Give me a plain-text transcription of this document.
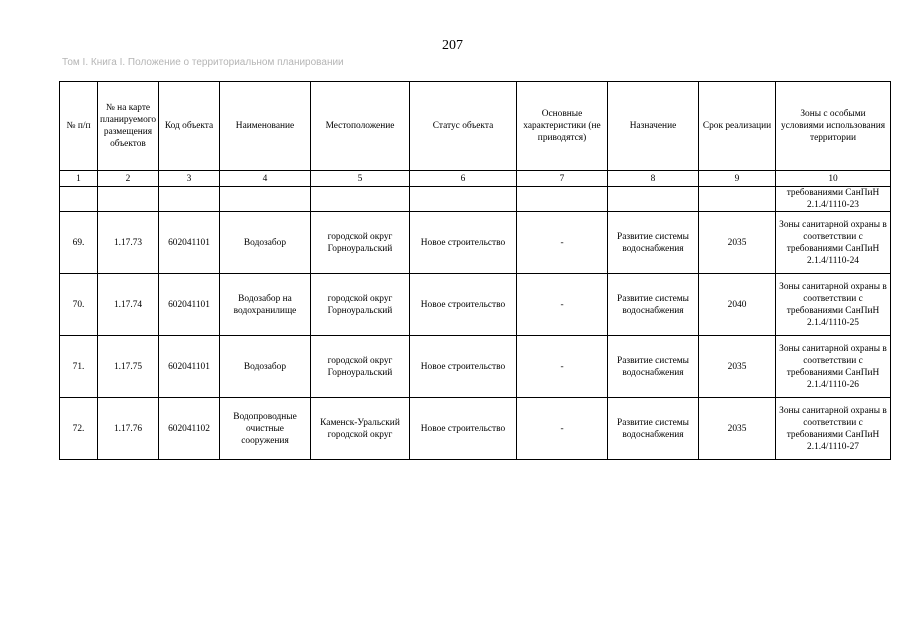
207
Том I. Книга I. Положение о территориальном планировании
№ п/п	№ на карте планируемого размещения объектов	Код объекта	Наименование	Местоположение	Статус объекта	Основные характеристики (не приводятся)	Назначение	Срок реализации	Зоны с особыми условиями использования территории
1	2	3	4	5	6	7	8	9	10
									требованиями СанПиН 2.1.4/1110-23
69.	1.17.73	602041101	Водозабор	городской округ Горноуральский	Новое строительство	-	Развитие системы водоснабжения	2035	Зоны санитарной охраны в соответствии с требованиями СанПиН 2.1.4/1110-24
70.	1.17.74	602041101	Водозабор на водохранилище	городской округ Горноуральский	Новое строительство	-	Развитие системы водоснабжения	2040	Зоны санитарной охраны в соответствии с требованиями СанПиН 2.1.4/1110-25
71.	1.17.75	602041101	Водозабор	городской округ Горноуральский	Новое строительство	-	Развитие системы водоснабжения	2035	Зоны санитарной охраны в соответствии с требованиями СанПиН 2.1.4/1110-26
72.	1.17.76	602041102	Водопроводные очистные сооружения	Каменск-Уральский городской округ	Новое строительство	-	Развитие системы водоснабжения	2035	Зоны санитарной охраны в соответствии с требованиями СанПиН 2.1.4/1110-27
